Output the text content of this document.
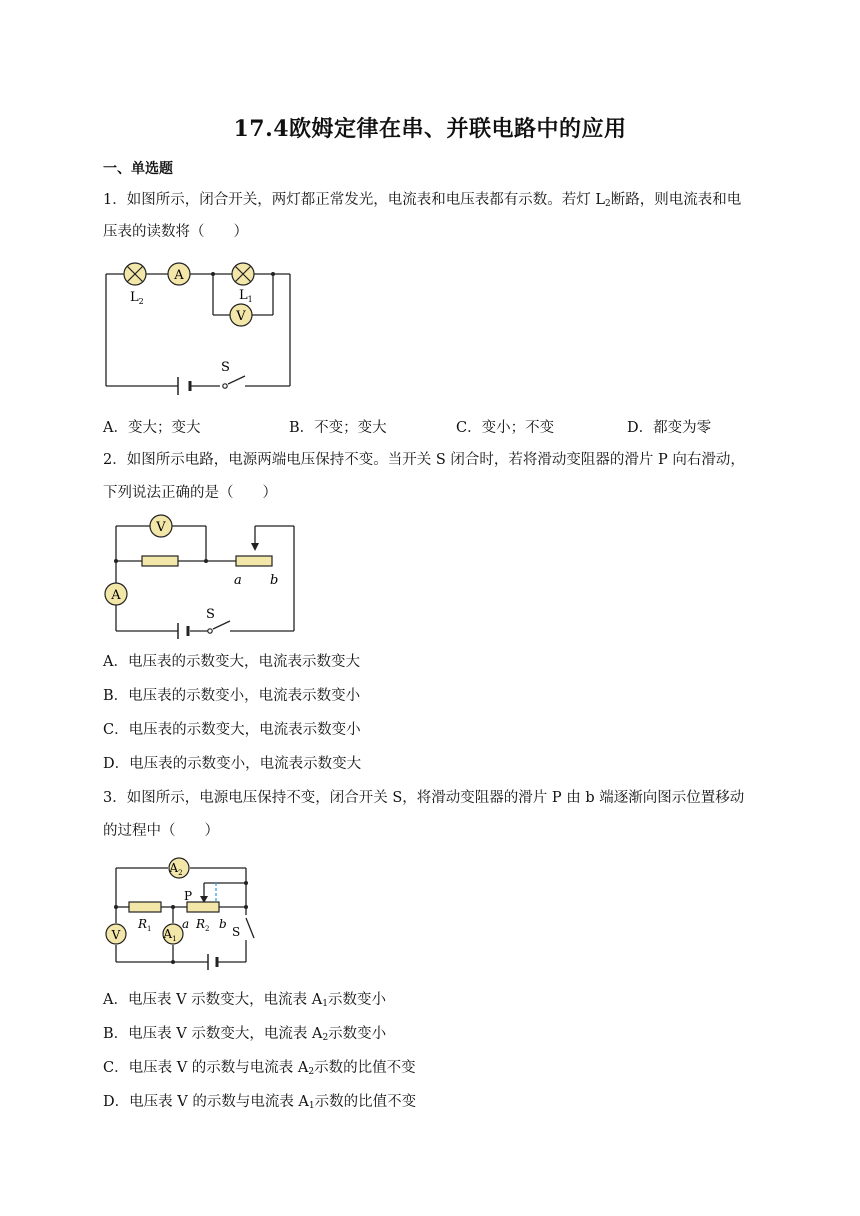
17.4欧姆定律在串、并联电路中的应用
一、单选题
1．如图所示，闭合开关，两灯都正常发光，电流表和电压表都有示数。若灯 $L_2$断路，则电流表和电
压表的读数将（　　）
A
V
$L_2$	$L_1$
S
A．变大；变大	B．不变；变大	C．变小；不变	D．都变为零
2．如图所示电路，电源两端电压保持不变。当开关 S 闭合时，若将滑动变阻器的滑片 P 向右滑动，
下列说法正确的是（　　）
V
A
a b
S
A．电压表的示数变大，电流表示数变大
B．电压表的示数变小，电流表示数变小
C．电压表的示数变大，电流表示数变小
D．电压表的示数变小，电流表示数变大
3．如图所示，电源电压保持不变，闭合开关 S，将滑动变阻器的滑片 P 由 b 端逐渐向图示位置移动
的过程中（　　）
$A_2$
V	$A_1$
$R_1$	$R_2$
P
a b
S
A．电压表 V 示数变大，电流表 $A_1$示数变小
B．电压表 V 示数变大，电流表 $A_2$示数变小
C．电压表 V 的示数与电流表 $A_2$示数的比值不变
D．电压表 V 的示数与电流表 $A_1$示数的比值不变
